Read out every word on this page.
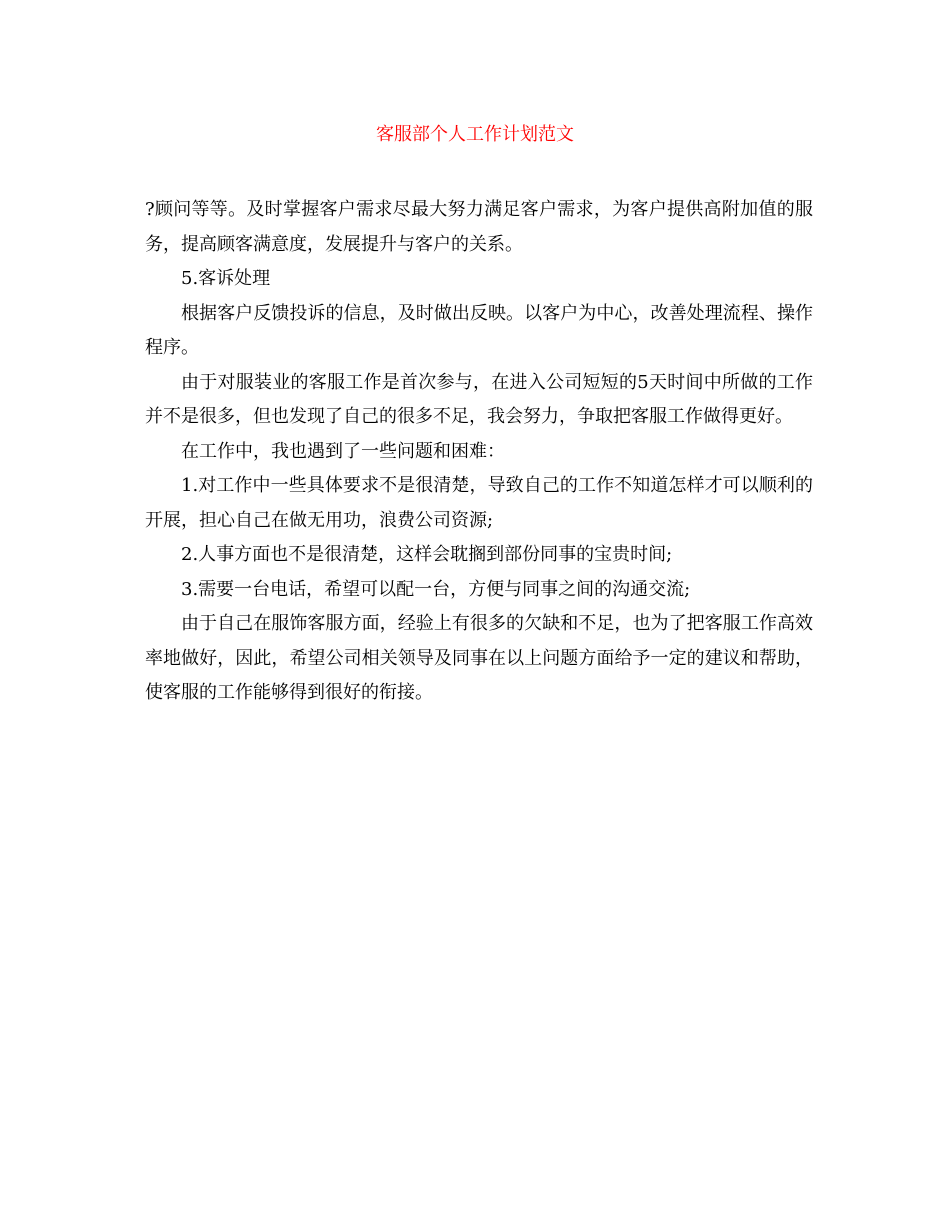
客服部个人工作计划范文

?顾问等等。及时掌握客户需求尽最大努力满足客户需求，为客户提供高附加值的服务，提高顾客满意度，发展提升与客户的关系。

5.客诉处理

根据客户反馈投诉的信息，及时做出反映。以客户为中心，改善处理流程、操作程序。

由于对服装业的客服工作是首次参与，在进入公司短短的5天时间中所做的工作并不是很多，但也发现了自己的很多不足，我会努力，争取把客服工作做得更好。

在工作中，我也遇到了一些问题和困难：

1.对工作中一些具体要求不是很清楚，导致自己的工作不知道怎样才可以顺利的开展，担心自己在做无用功，浪费公司资源;

2.人事方面也不是很清楚，这样会耽搁到部份同事的宝贵时间;

3.需要一台电话，希望可以配一台，方便与同事之间的沟通交流;

由于自己在服饰客服方面，经验上有很多的欠缺和不足，也为了把客服工作高效率地做好，因此，希望公司相关领导及同事在以上问题方面给予一定的建议和帮助，使客服的工作能够得到很好的衔接。
